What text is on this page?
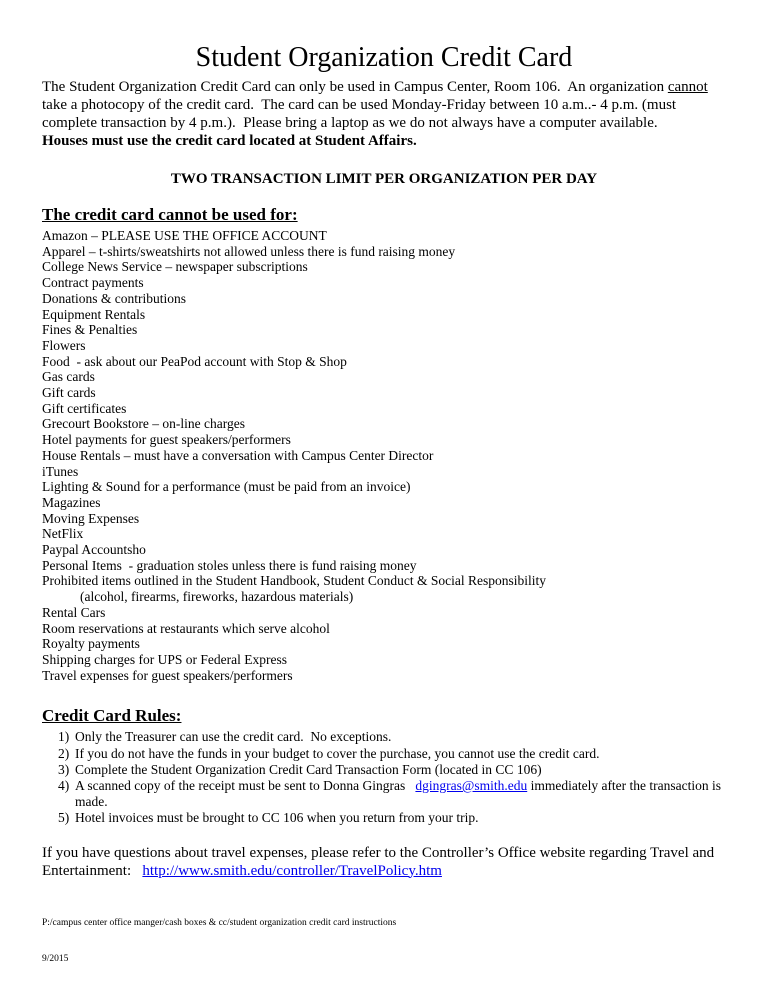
Student Organization Credit Card

The Student Organization Credit Card can only be used in Campus Center, Room 106.  An organization cannot take a photocopy of the credit card.  The card can be used Monday-Friday between 10 a.m..- 4 p.m. (must complete transaction by 4 p.m.).  Please bring a laptop as we do not always have a computer available.

Houses must use the credit card located at Student Affairs.
TWO TRANSACTION LIMIT PER ORGANIZATION PER DAY
The credit card cannot be used for:
Amazon – PLEASE USE THE OFFICE ACCOUNT
Apparel – t-shirts/sweatshirts not allowed unless there is fund raising money
College News Service – newspaper subscriptions
Contract payments
Donations & contributions
Equipment Rentals
Fines & Penalties
Flowers
Food  - ask about our PeaPod account with Stop & Shop
Gas cards
Gift cards
Gift certificates
Grecourt Bookstore – on-line charges
Hotel payments for guest speakers/performers
House Rentals – must have a conversation with Campus Center Director
iTunes
Lighting & Sound for a performance (must be paid from an invoice)
Magazines
Moving Expenses
NetFlix
Paypal Accountsho
Personal Items  - graduation stoles unless there is fund raising money
Prohibited items outlined in the Student Handbook, Student Conduct & Social Responsibility
(alcohol, firearms, fireworks, hazardous materials)
Rental Cars
Room reservations at restaurants which serve alcohol
Royalty payments
Shipping charges for UPS or Federal Express
Travel expenses for guest speakers/performers
Credit Card Rules:
1) Only the Treasurer can use the credit card.  No exceptions.
2) If you do not have the funds in your budget to cover the purchase, you cannot use the credit card.
3) Complete the Student Organization Credit Card Transaction Form (located in CC 106)
4) A scanned copy of the receipt must be sent to Donna Gingras   dgingras@smith.edu immediately after the transaction is made.
5) Hotel invoices must be brought to CC 106 when you return from your trip.

If you have questions about travel expenses, please refer to the Controller’s Office website regarding Travel and Entertainment:   http://www.smith.edu/controller/TravelPolicy.htm

P:/campus center office manger/cash boxes & cc/student organization credit card instructions

9/2015
